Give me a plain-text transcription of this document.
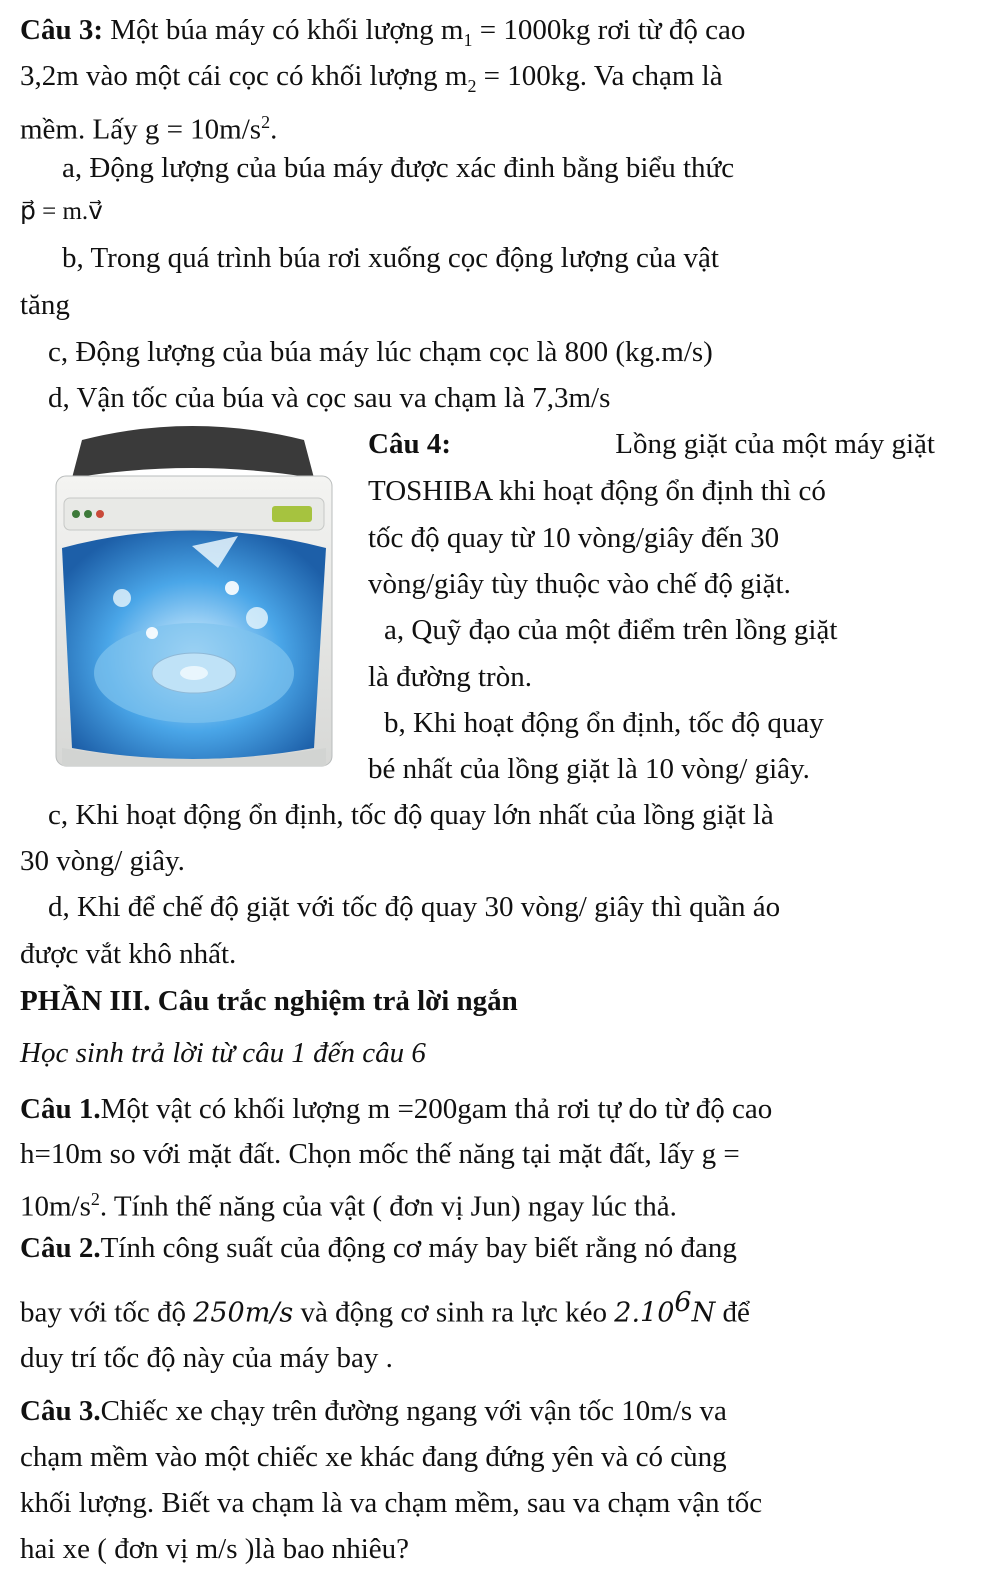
Câu 3: Một búa máy có khối lượng $m_1 = 1000kg$ rơi từ độ cao
3,2m vào một cái cọc có khối lượng $m_2 = 100kg$. Va chạm là
mềm. Lấy $g = 10m/s^2$.
a, Động lượng của búa máy được xác đinh bằng biểu thức
p⃗ = m.v⃗
b, Trong quá trình búa rơi xuống cọc động lượng của vật
tăng
c, Động lượng của búa máy lúc chạm cọc là 800 (kg.m/s)
d, Vận tốc của búa và cọc sau va chạm là 7,3m/s
Câu 4:	Lồng giặt của một máy giặt
TOSHIBA khi hoạt động ổn định thì có
tốc độ quay từ 10 vòng/giây đến 30
vòng/giây tùy thuộc vào chế độ giặt.
a, Quỹ đạo của một điểm trên lồng giặt
là đường tròn.
b, Khi hoạt động ổn định, tốc độ quay
bé nhất của lồng giặt là 10 vòng/ giây.
c, Khi hoạt động ổn định, tốc độ quay lớn nhất của lồng giặt là
30 vòng/ giây.
d, Khi để chế độ giặt với tốc độ quay 30 vòng/ giây thì quần áo
được vắt khô nhất.
PHẦN III. Câu trắc nghiệm trả lời ngắn
Học sinh trả lời từ câu 1 đến câu 6
Câu 1.Một vật có khối lượng m =200gam thả rơi tự do từ độ cao
h=10m so với mặt đất. Chọn mốc thế năng tại mặt đất, lấy g =
$10m/s^2$. Tính thế năng của vật ( đơn vị Jun) ngay lúc thả.
Câu 2.Tính công suất của động cơ máy bay biết rằng nó đang
bay với tốc độ 250m/s và động cơ sinh ra lực kéo 2.10$^6$N để
duy trí tốc độ này của máy bay .
Câu 3.Chiếc xe chạy trên đường ngang với vận tốc 10m/s va
chạm mềm vào một chiếc xe khác đang đứng yên và có cùng
khối lượng. Biết va chạm là va chạm mềm, sau va chạm vận tốc
hai xe ( đơn vị m/s )là bao nhiêu?
